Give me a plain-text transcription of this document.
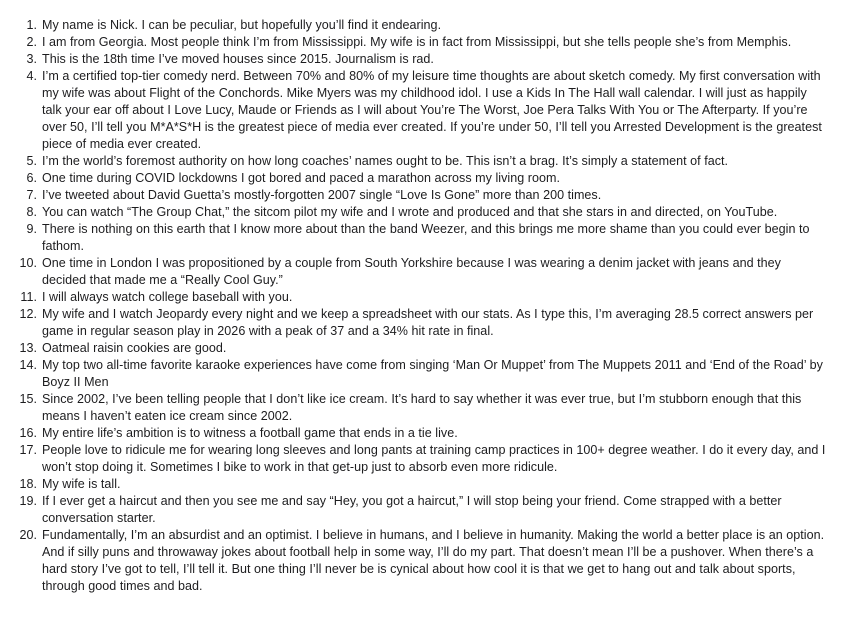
1. My name is Nick. I can be peculiar, but hopefully you’ll find it endearing.
2. I am from Georgia. Most people think I’m from Mississippi. My wife is in fact from Mississippi, but she tells people she’s from Memphis.
3. This is the 18th time I’ve moved houses since 2015. Journalism is rad.
4. I’m a certified top-tier comedy nerd. Between 70% and 80% of my leisure time thoughts are about sketch comedy. My first conversation with my wife was about Flight of the Conchords. Mike Myers was my childhood idol. I use a Kids In The Hall wall calendar. I will just as happily talk your ear off about I Love Lucy, Maude or Friends as I will about You’re The Worst, Joe Pera Talks With You or The Afterparty. If you’re over 50, I’ll tell you M*A*S*H is the greatest piece of media ever created. If you’re under 50, I’ll tell you Arrested Development is the greatest piece of media ever created.
5. I’m the world’s foremost authority on how long coaches’ names ought to be. This isn’t a brag. It’s simply a statement of fact.
6. One time during COVID lockdowns I got bored and paced a marathon across my living room.
7. I’ve tweeted about David Guetta’s mostly-forgotten 2007 single “Love Is Gone” more than 200 times.
8. You can watch “The Group Chat,” the sitcom pilot my wife and I wrote and produced and that she stars in and directed, on YouTube.
9. There is nothing on this earth that I know more about than the band Weezer, and this brings me more shame than you could ever begin to fathom.
10. One time in London I was propositioned by a couple from South Yorkshire because I was wearing a denim jacket with jeans and they decided that made me a “Really Cool Guy.”
11. I will always watch college baseball with you.
12. My wife and I watch Jeopardy every night and we keep a spreadsheet with our stats. As I type this, I’m averaging 28.5 correct answers per game in regular season play in 2026 with a peak of 37 and a 34% hit rate in final.
13. Oatmeal raisin cookies are good.
14. My top two all-time favorite karaoke experiences have come from singing ‘Man Or Muppet’ from The Muppets 2011 and ‘End of the Road’ by Boyz II Men
15. Since 2002, I’ve been telling people that I don’t like ice cream. It’s hard to say whether it was ever true, but I’m stubborn enough that this means I haven’t eaten ice cream since 2002.
16. My entire life’s ambition is to witness a football game that ends in a tie live.
17. People love to ridicule me for wearing long sleeves and long pants at training camp practices in 100+ degree weather. I do it every day, and I won’t stop doing it. Sometimes I bike to work in that get-up just to absorb even more ridicule.
18. My wife is tall.
19. If I ever get a haircut and then you see me and say “Hey, you got a haircut,” I will stop being your friend. Come strapped with a better conversation starter.
20. Fundamentally, I’m an absurdist and an optimist. I believe in humans, and I believe in humanity. Making the world a better place is an option. And if silly puns and throwaway jokes about football help in some way, I’ll do my part. That doesn’t mean I’ll be a pushover. When there’s a hard story I’ve got to tell, I’ll tell it. But one thing I’ll never be is cynical about how cool it is that we get to hang out and talk about sports, through good times and bad.
